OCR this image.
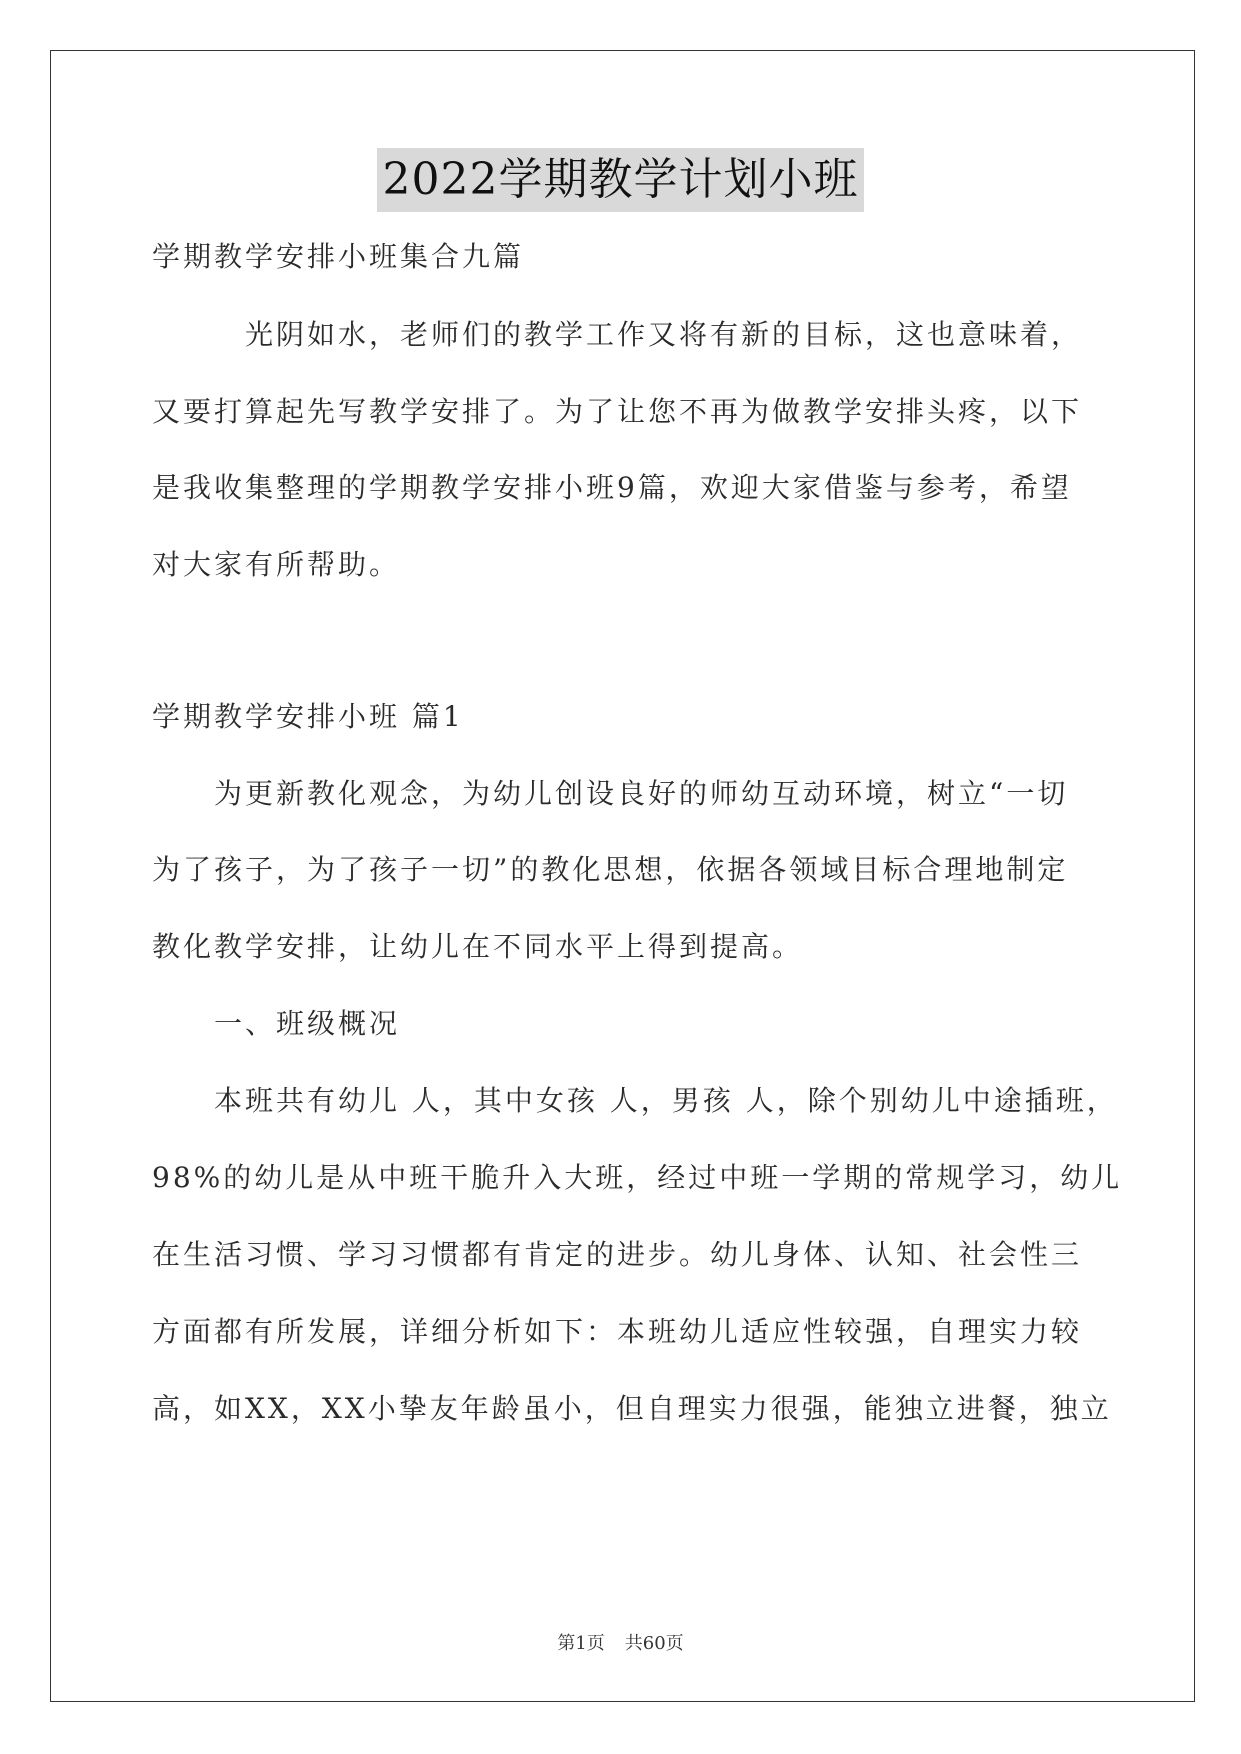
2022学期教学计划小班
学期教学安排小班集合九篇
　　　光阴如水，老师们的教学工作又将有新的目标，这也意味着，
又要打算起先写教学安排了。为了让您不再为做教学安排头疼，以下
是我收集整理的学期教学安排小班9篇，欢迎大家借鉴与参考，希望
对大家有所帮助。
学期教学安排小班 篇1
　　为更新教化观念，为幼儿创设良好的师幼互动环境，树立“一切
为了孩子，为了孩子一切”的教化思想，依据各领域目标合理地制定
教化教学安排，让幼儿在不同水平上得到提高。
　　一、班级概况
　　本班共有幼儿 人，其中女孩 人，男孩 人，除个别幼儿中途插班，
98%的幼儿是从中班干脆升入大班，经过中班一学期的常规学习，幼儿
在生活习惯、学习习惯都有肯定的进步。幼儿身体、认知、社会性三
方面都有所发展，详细分析如下：本班幼儿适应性较强，自理实力较
高，如XX，XX小挚友年龄虽小，但自理实力很强，能独立进餐，独立
第1页 共60页
